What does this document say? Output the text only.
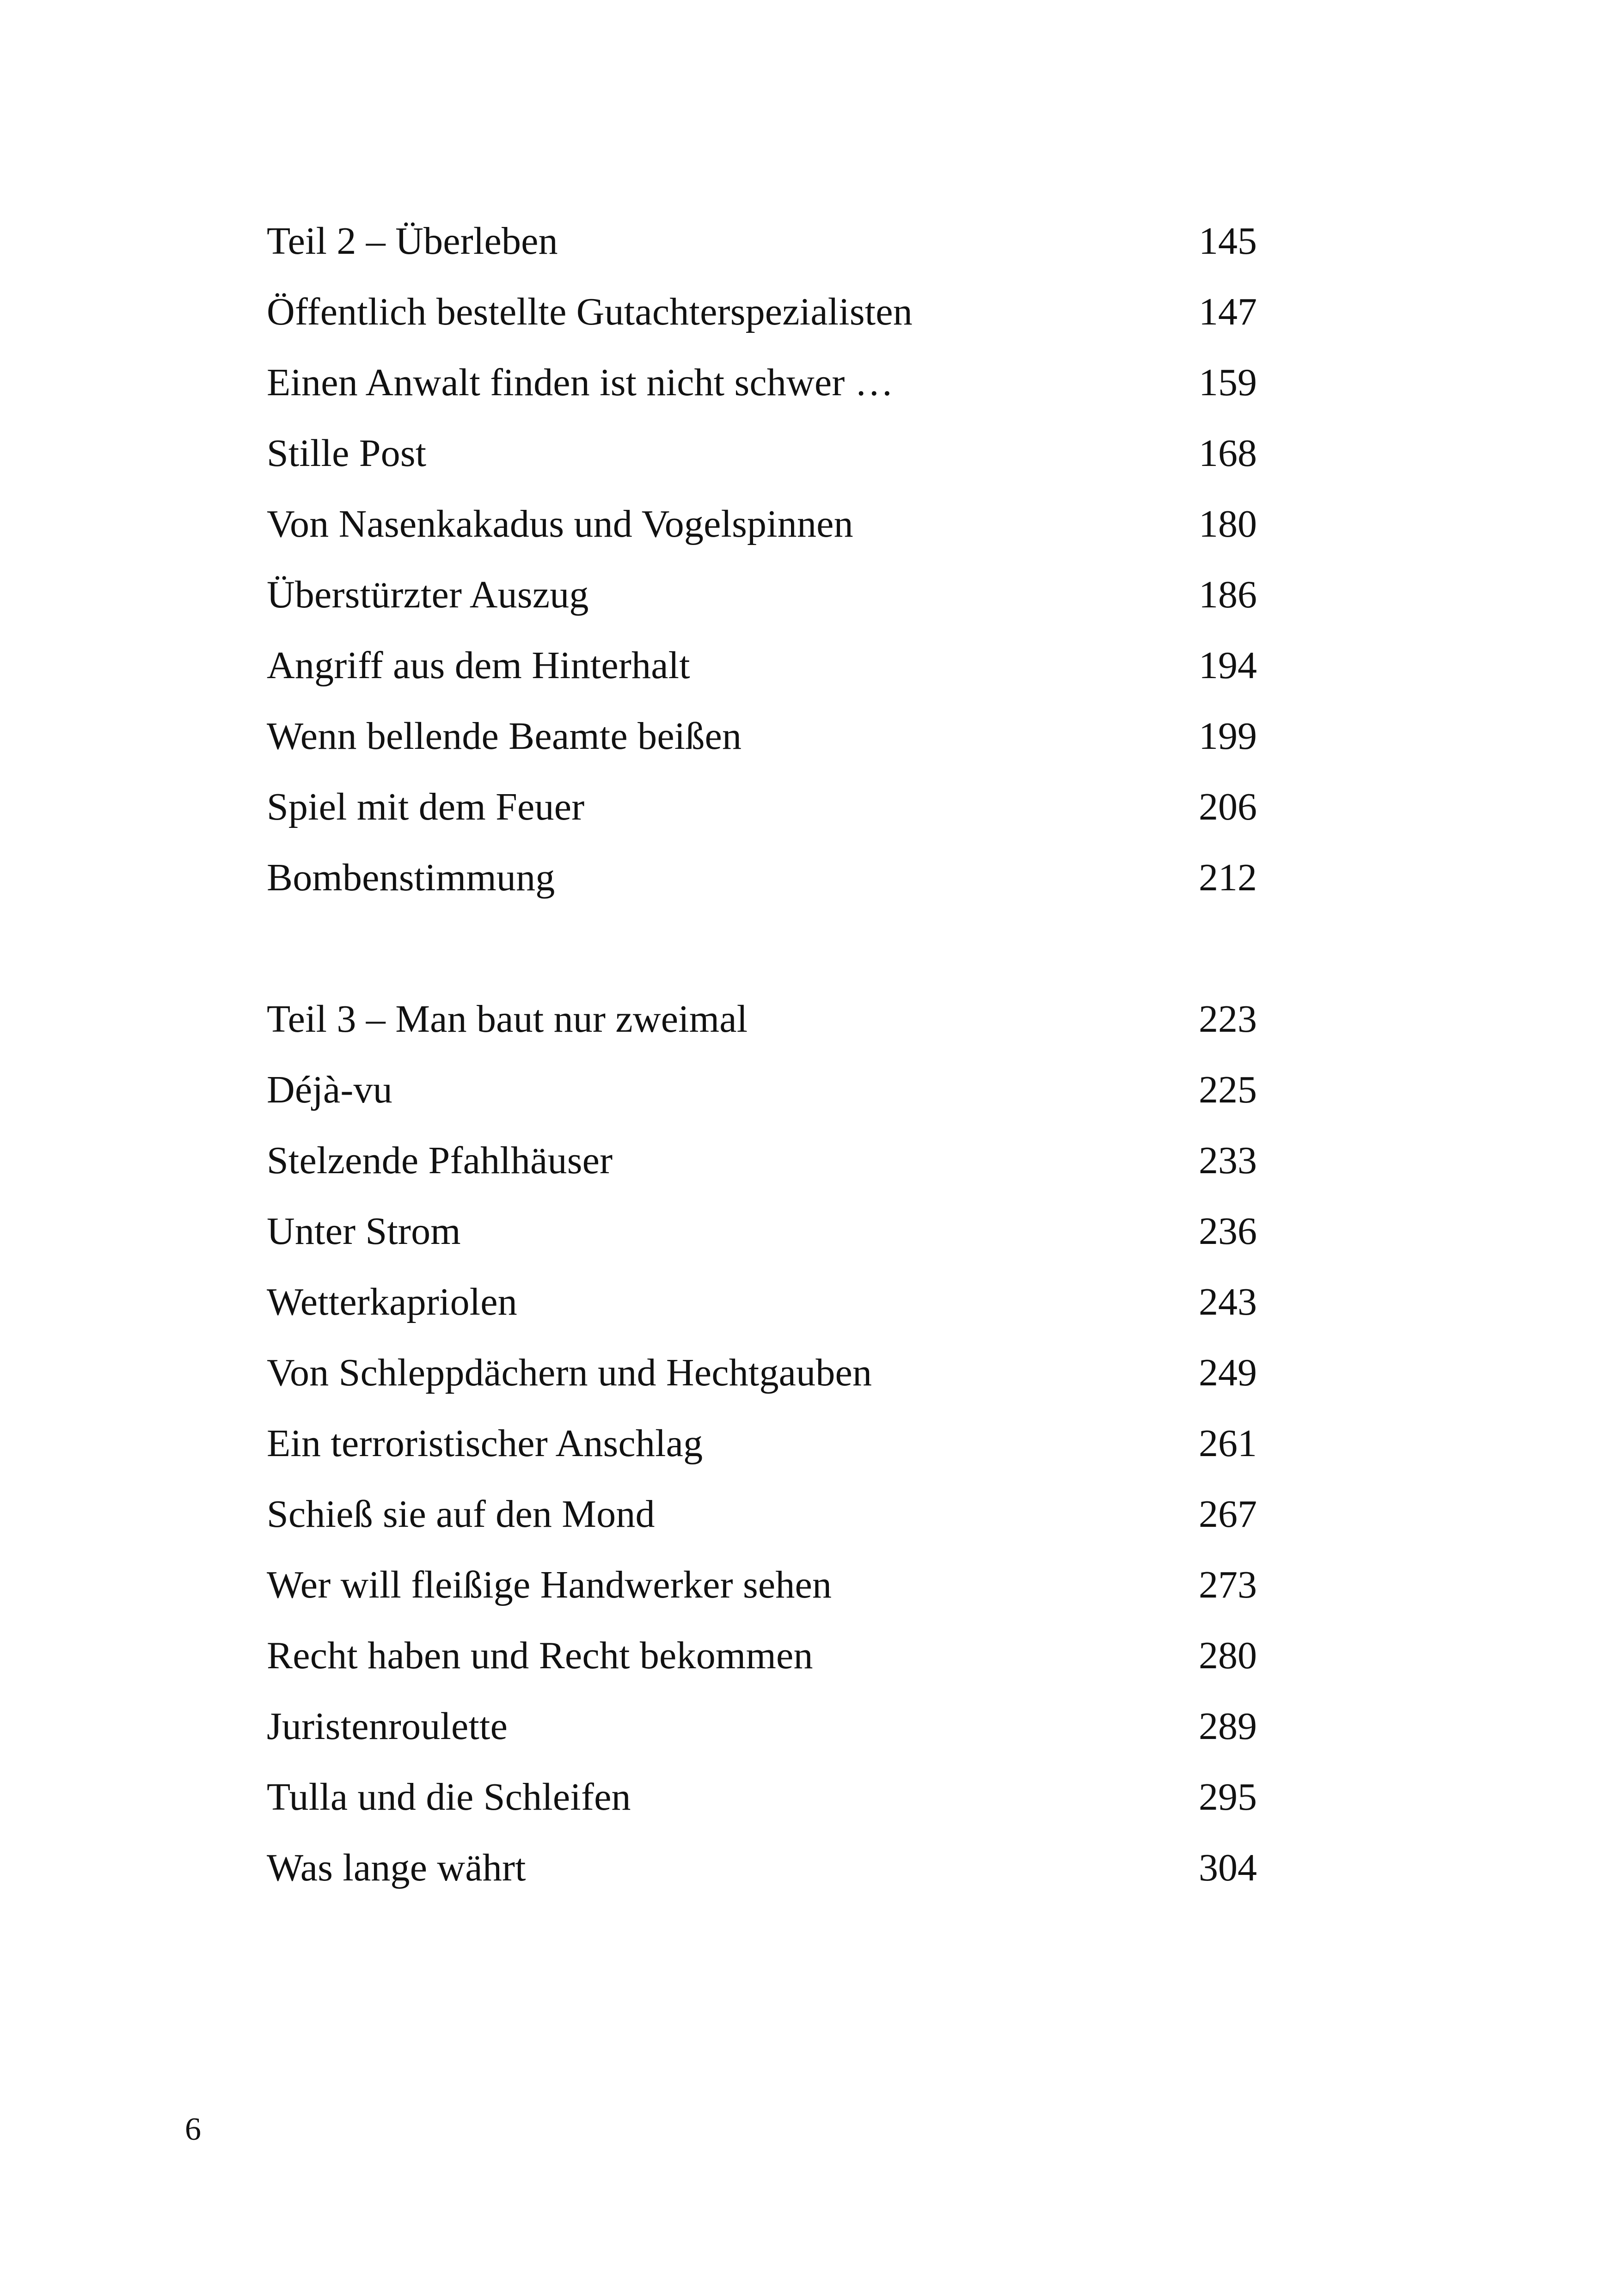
Teil 2 – Überleben	145
Öffentlich bestellte Gutachterspezialisten	147
Einen Anwalt finden ist nicht schwer …	159
Stille Post	168
Von Nasenkakadus und Vogelspinnen	180
Überstürzter Auszug	186
Angriff aus dem Hinterhalt	194
Wenn bellende Beamte beißen	199
Spiel mit dem Feuer	206
Bombenstimmung	212
Teil 3 – Man baut nur zweimal	223
Déjà-vu	225
Stelzende Pfahlhäuser	233
Unter Strom	236
Wetterkapriolen	243
Von Schleppdächern und Hechtgauben	249
Ein terroristischer Anschlag	261
Schieß sie auf den Mond	267
Wer will fleißige Handwerker sehen	273
Recht haben und Recht bekommen	280
Juristenroulette	289
Tulla und die Schleifen	295
Was lange währt	304
6
